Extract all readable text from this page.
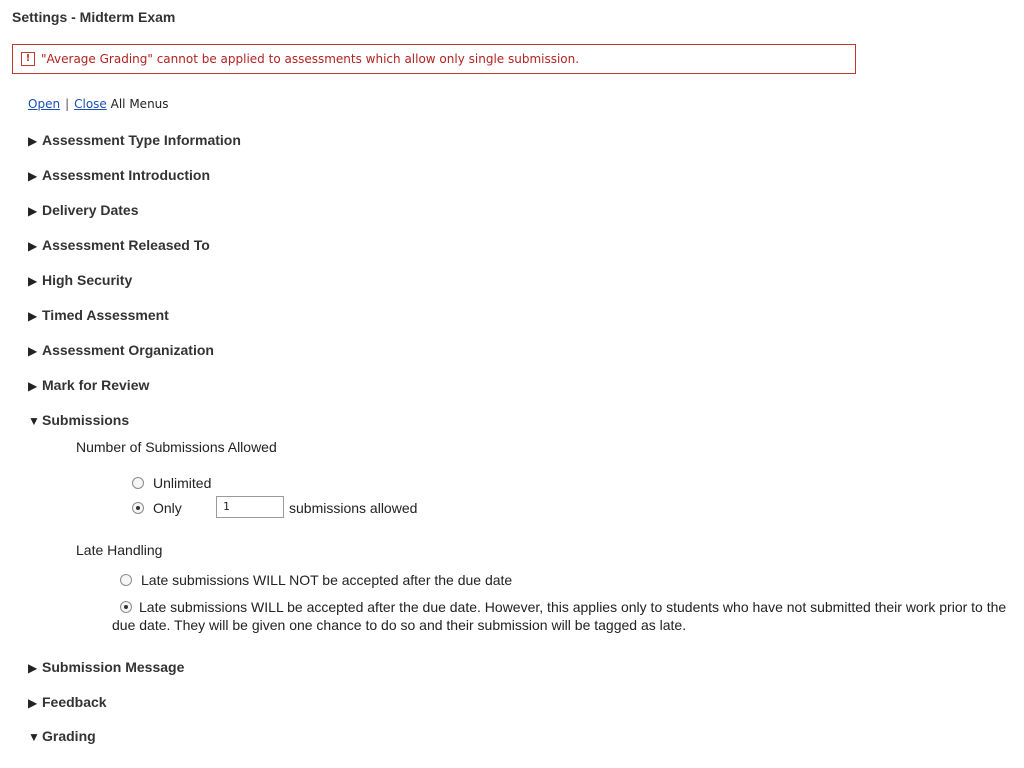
Settings - Midterm Exam
! "Average Grading" cannot be applied to assessments which allow only single submission.
Open | Close All Menus
▶ Assessment Type Information
▶ Assessment Introduction
▶ Delivery Dates
▶ Assessment Released To
▶ High Security
▶ Timed Assessment
▶ Assessment Organization
▶ Mark for Review
▼ Submissions
Number of Submissions Allowed
Unlimited
Only	1	submissions allowed
Late Handling
Late submissions WILL NOT be accepted after the due date
Late submissions WILL be accepted after the due date. However, this applies only to students who have not submitted their work prior to the due date. They will be given one chance to do so and their submission will be tagged as late.
▶ Submission Message
▶ Feedback
▼ Grading
